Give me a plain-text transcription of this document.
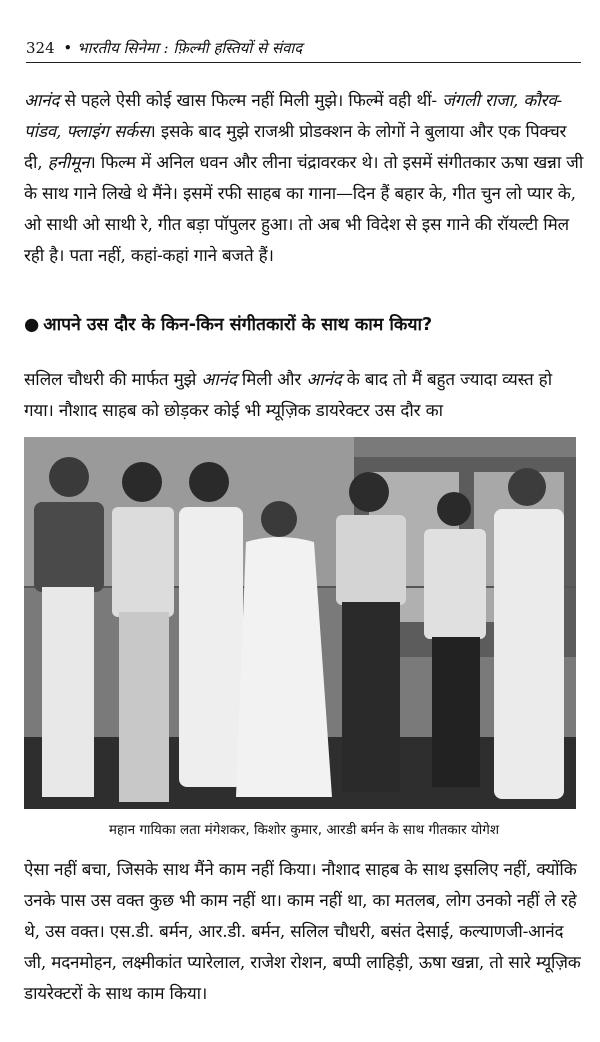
324 • भारतीय सिनेमा : फ़िल्मी हस्तियों से संवाद
आनंद से पहले ऐसी कोई खास फिल्म नहीं मिली मुझे। फिल्में वही थीं- जंगली राजा, कौरव-पांडव, फ्लाइंग सर्कस। इसके बाद मुझे राजश्री प्रोडक्शन के लोगों ने बुलाया और एक पिक्चर दी, हनीमून। फिल्म में अनिल धवन और लीना चंद्रावरकर थे। तो इसमें संगीतकार ऊषा खन्ना जी के साथ गाने लिखे थे मैंने। इसमें रफी साहब का गाना—दिन हैं बहार के, गीत चुन लो प्यार के, ओ साथी ओ साथी रे, गीत बड़ा पॉपुलर हुआ। तो अब भी विदेश से इस गाने की रॉयल्टी मिल रही है। पता नहीं, कहां-कहां गाने बजते हैं।
● आपने उस दौर के किन-किन संगीतकारों के साथ काम किया?
सलिल चौधरी की मार्फत मुझे आनंद मिली और आनंद के बाद तो मैं बहुत ज्यादा व्यस्त हो गया। नौशाद साहब को छोड़कर कोई भी म्यूज़िक डायरेक्टर उस दौर का
महान गायिका लता मंगेशकर, किशोर कुमार, आरडी बर्मन के साथ गीतकार योगेश
ऐसा नहीं बचा, जिसके साथ मैंने काम नहीं किया। नौशाद साहब के साथ इसलिए नहीं, क्योंकि उनके पास उस वक्त कुछ भी काम नहीं था। काम नहीं था, का मतलब, लोग उनको नहीं ले रहे थे, उस वक्त। एस.डी. बर्मन, आर.डी. बर्मन, सलिल चौधरी, बसंत देसाई, कल्याणजी-आनंद जी, मदनमोहन, लक्ष्मीकांत प्यारेलाल, राजेश रोशन, बप्पी लाहिड़ी, ऊषा खन्ना, तो सारे म्यूज़िक डायरेक्टरों के साथ काम किया।
